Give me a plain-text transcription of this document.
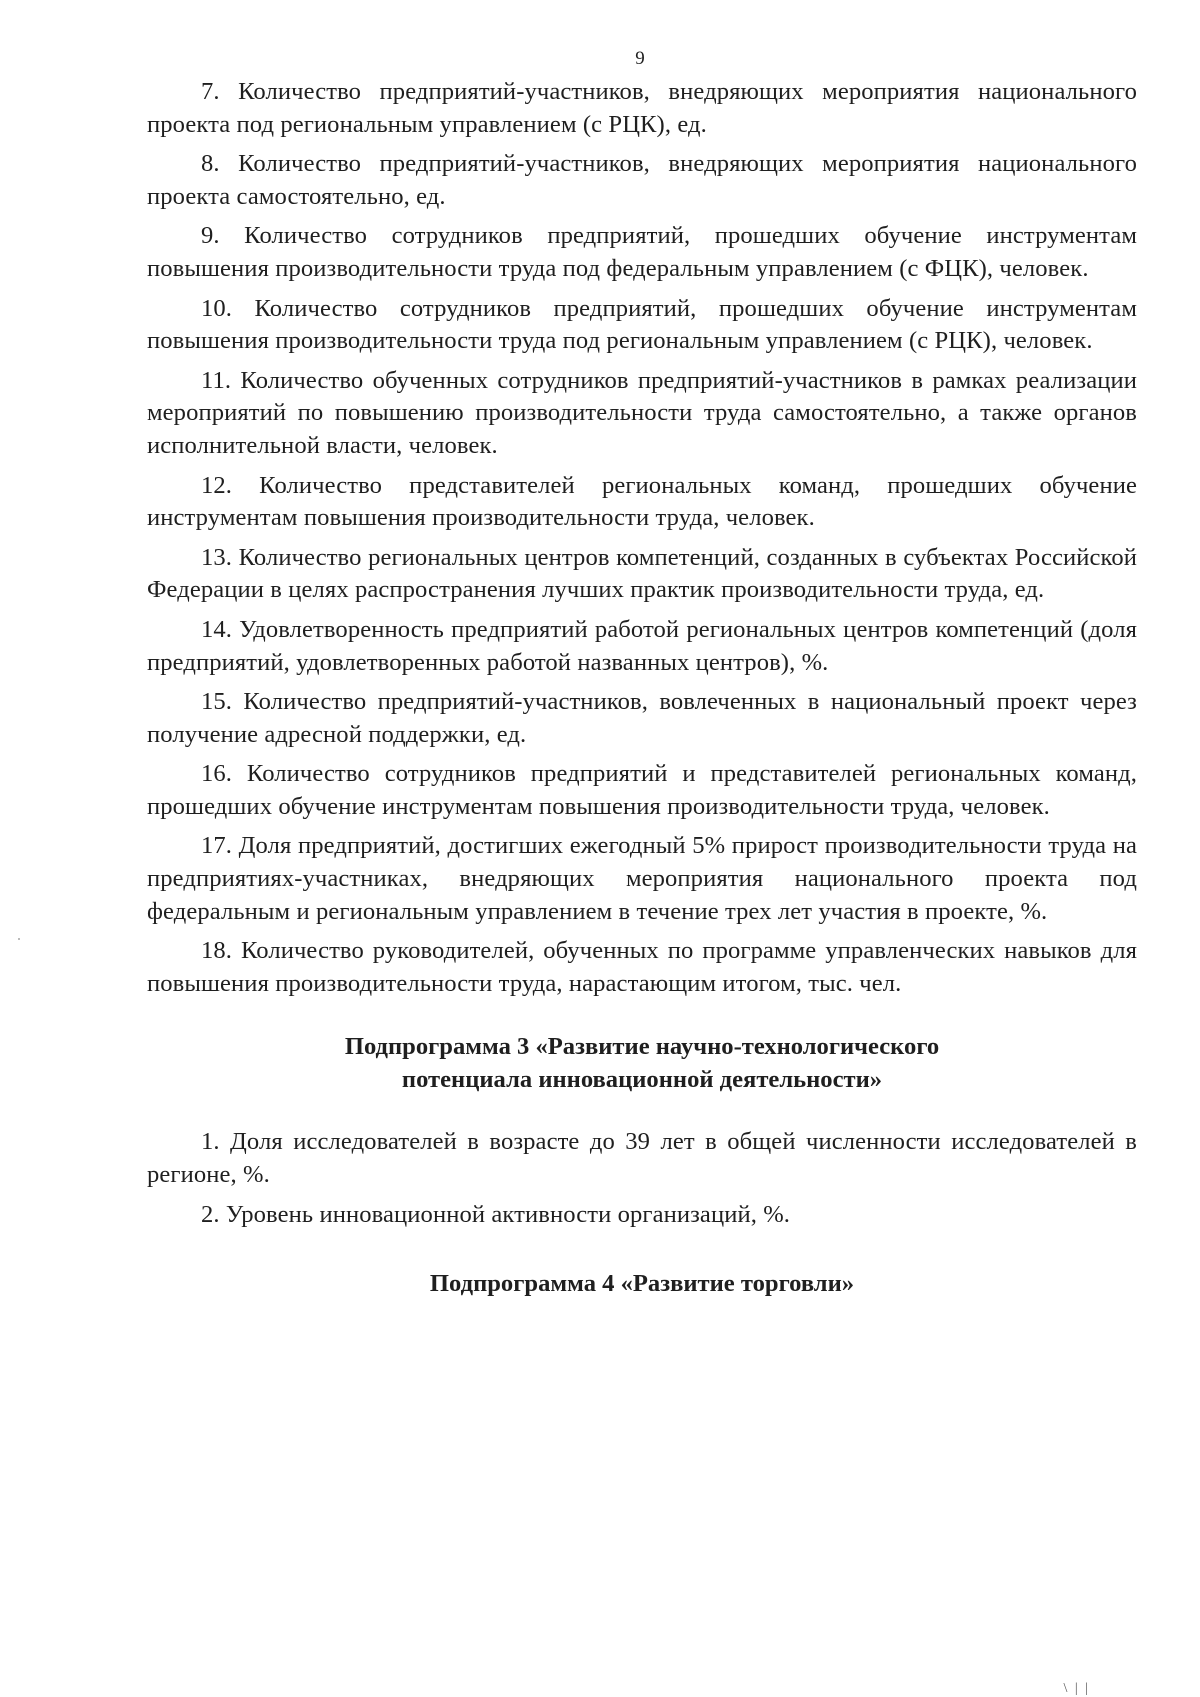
9

7. Количество предприятий-участников, внедряющих мероприятия национального проекта под региональным управлением (с РЦК), ед.

8. Количество предприятий-участников, внедряющих мероприятия национального проекта самостоятельно, ед.

9. Количество сотрудников предприятий, прошедших обучение инструментам повышения производительности труда под федеральным управлением (с ФЦК), человек.

10. Количество сотрудников предприятий, прошедших обучение инструментам повышения производительности труда под региональным управлением (с РЦК), человек.

11. Количество обученных сотрудников предприятий-участников в рамках реализации мероприятий по повышению производительности труда самостоятельно, а также органов исполнительной власти, человек.

12. Количество представителей региональных команд, прошедших обучение инструментам повышения производительности труда, человек.

13. Количество региональных центров компетенций, созданных в субъектах Российской Федерации в целях распространения лучших практик производительности труда, ед.

14. Удовлетворенность предприятий работой региональных центров компетенций (доля предприятий, удовлетворенных работой названных центров), %.

15. Количество предприятий-участников, вовлеченных в национальный проект через получение адресной поддержки, ед.

16. Количество сотрудников предприятий и представителей региональных команд, прошедших обучение инструментам повышения производительности труда, человек.

17. Доля предприятий, достигших ежегодный 5% прирост производительности труда на предприятиях-участниках, внедряющих мероприятия национального проекта под федеральным и региональным управлением в течение трех лет участия в проекте, %.

18. Количество руководителей, обученных по программе управленческих навыков для повышения производительности труда, нарастающим итогом, тыс. чел.

Подпрограмма 3 «Развитие научно-технологического
потенциала инновационной деятельности»

1. Доля исследователей в возрасте до 39 лет в общей численности исследователей в регионе, %.

2. Уровень инновационной активности организаций, %.

Подпрограмма 4 «Развитие торговли»
\ | |
